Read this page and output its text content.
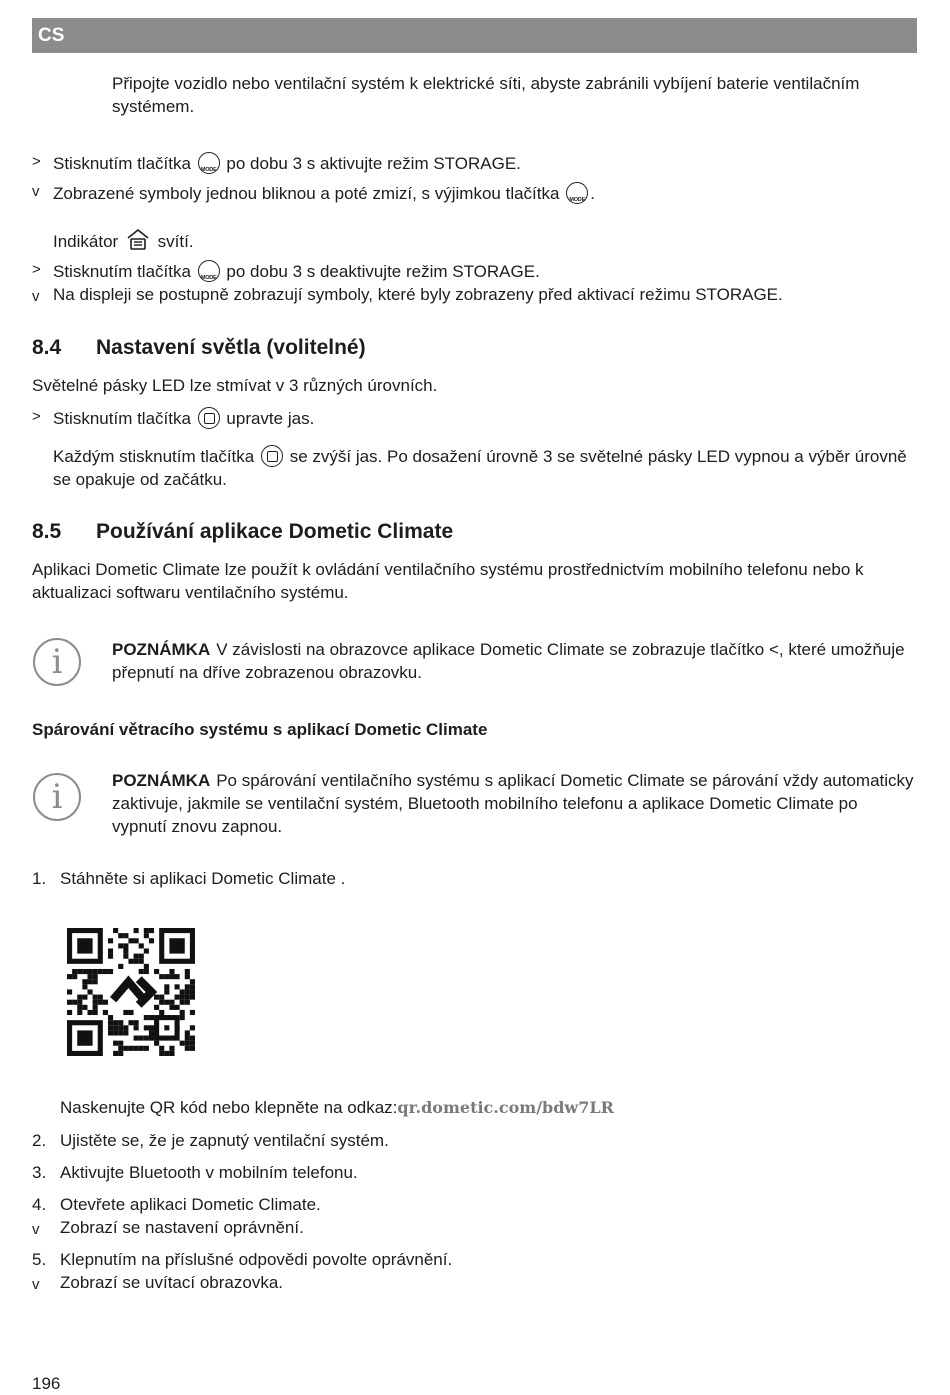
CS
Připojte vozidlo nebo ventilační systém k elektrické síti, abyste zabránili vybíjení baterie ventilačním systémem.
> Stisknutím tlačítka MODE po dobu 3 s aktivujte režim STORAGE.
v Zobrazené symboly jednou bliknou a poté zmizí, s výjimkou tlačítka MODE .
Indikátor svítí.
> Stisknutím tlačítka MODE po dobu 3 s deaktivujte režim STORAGE.
v Na displeji se postupně zobrazují symboly, které byly zobrazeny před aktivací režimu STORAGE.
8.4 Nastavení světla (volitelné)
Světelné pásky LED lze stmívat v 3 různých úrovních.
> Stisknutím tlačítka upravte jas.
Každým stisknutím tlačítka se zvýší jas. Po dosažení úrovně 3 se světelné pásky LED vypnou a výběr úrovně se opakuje od začátku.
8.5 Používání aplikace Dometic Climate
Aplikaci Dometic Climate lze použít k ovládání ventilačního systému prostřednictvím mobilního telefonu nebo k aktualizaci softwaru ventilačního systému.
i	POZNÁMKA V závislosti na obrazovce aplikace Dometic Climate se zobrazuje tlačítko <, které umožňuje přepnutí na dříve zobrazenou obrazovku.
Spárování větracího systému s aplikací Dometic Climate
i	POZNÁMKA Po spárování ventilačního systému s aplikací Dometic Climate se párování vždy automaticky zaktivuje, jakmile se ventilační systém, Bluetooth mobilního telefonu a aplikace Dometic Climate po vypnutí znovu zapnou.
1. Stáhněte si aplikaci Dometic Climate .
Naskenujte QR kód nebo klepněte na odkaz:qr.dometic.com/bdw7LR
2. Ujistěte se, že je zapnutý ventilační systém.
3. Aktivujte Bluetooth v mobilním telefonu.
4. Otevřete aplikaci Dometic Climate.
v Zobrazí se nastavení oprávnění.
5. Klepnutím na příslušné odpovědi povolte oprávnění.
v Zobrazí se uvítací obrazovka.
196
